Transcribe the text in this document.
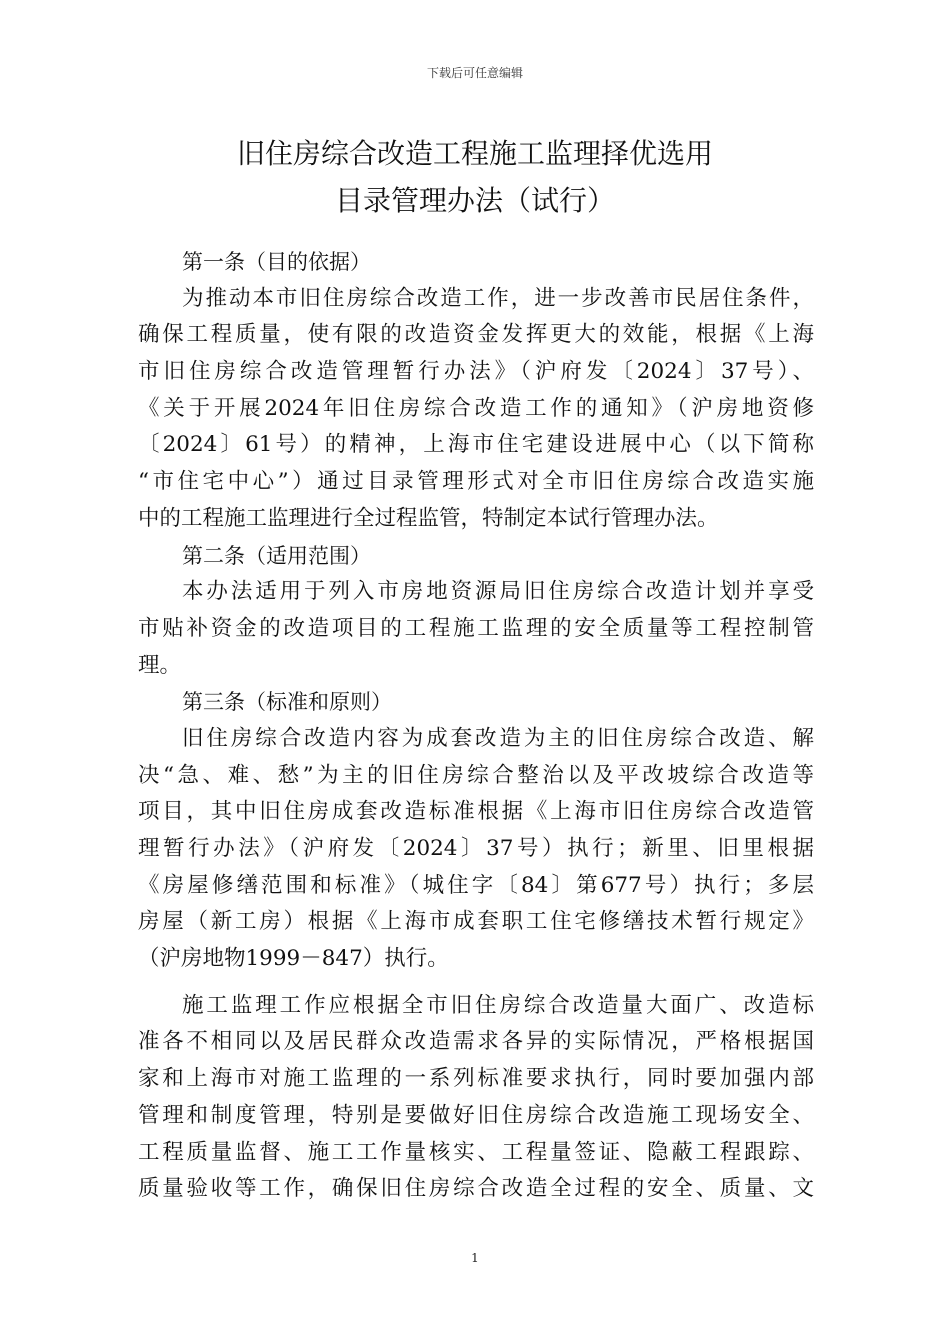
下载后可任意编辑
旧住房综合改造工程施工监理择优选用
目录管理办法（试行）
第一条（目的依据）
为推动本市旧住房综合改造工作，进一步改善市民居住条件，
确保工程质量，使有限的改造资金发挥更大的效能，根据《上海
市旧住房综合改造管理暂行办法》（沪府发〔2024〕37号）、
《关于开展2024年旧住房综合改造工作的通知》（沪房地资修
〔2024〕61号）的精神，上海市住宅建设进展中心（以下简称
“市住宅中心”）通过目录管理形式对全市旧住房综合改造实施
中的工程施工监理进行全过程监管，特制定本试行管理办法。
第二条（适用范围）
本办法适用于列入市房地资源局旧住房综合改造计划并享受
市贴补资金的改造项目的工程施工监理的安全质量等工程控制管
理。
第三条（标准和原则）
旧住房综合改造内容为成套改造为主的旧住房综合改造、解
决“急、难、愁”为主的旧住房综合整治以及平改坡综合改造等
项目，其中旧住房成套改造标准根据《上海市旧住房综合改造管
理暂行办法》（沪府发〔2024〕37号）执行；新里、旧里根据
《房屋修缮范围和标准》（城住字〔84〕第677号）执行；多层
房屋（新工房）根据《上海市成套职工住宅修缮技术暂行规定》
（沪房地物1999－847）执行。
施工监理工作应根据全市旧住房综合改造量大面广、改造标
准各不相同以及居民群众改造需求各异的实际情况，严格根据国
家和上海市对施工监理的一系列标准要求执行，同时要加强内部
管理和制度管理，特别是要做好旧住房综合改造施工现场安全、
工程质量监督、施工工作量核实、工程量签证、隐蔽工程跟踪、
质量验收等工作，确保旧住房综合改造全过程的安全、质量、文
1
